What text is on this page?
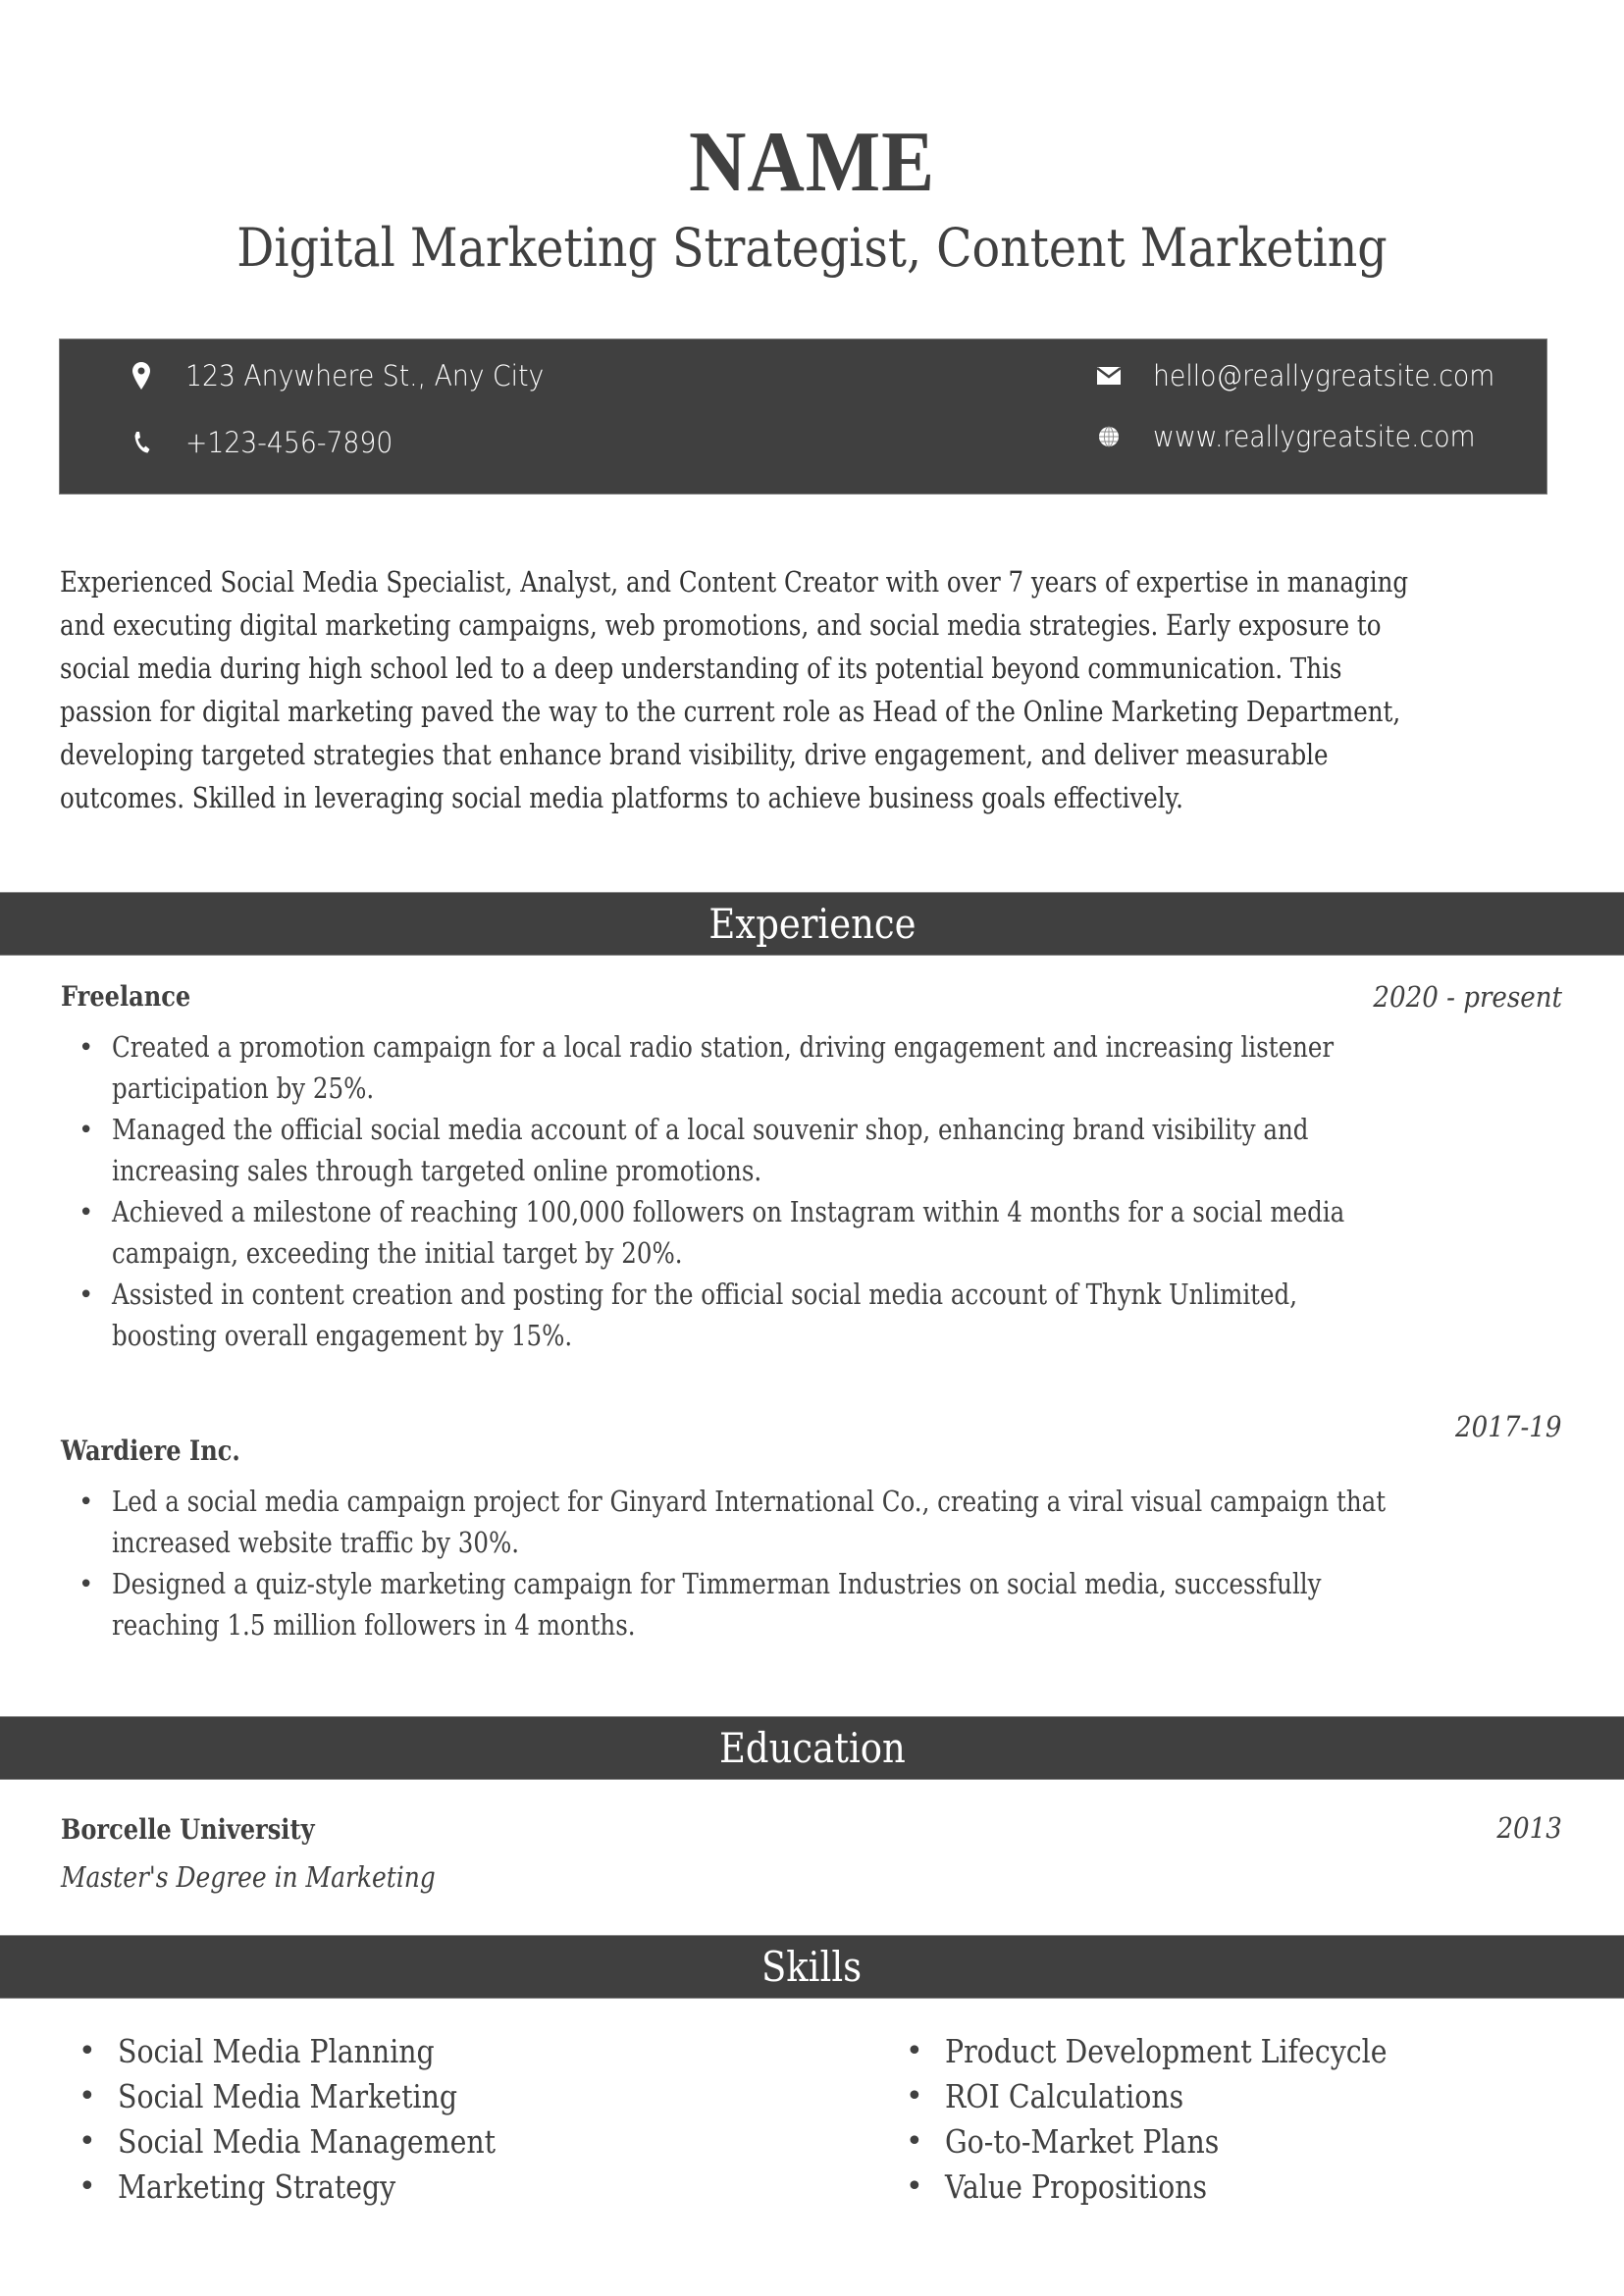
NAME
Digital Marketing Strategist, Content Marketing
123 Anywhere St., Any City
+123-456-7890
hello@reallygreatsite.com
www.reallygreatsite.com
Experienced Social Media Specialist, Analyst, and Content Creator with over 7 years of expertise in managing
and executing digital marketing campaigns, web promotions, and social media strategies. Early exposure to
social media during high school led to a deep understanding of its potential beyond communication. This
passion for digital marketing paved the way to the current role as Head of the Online Marketing Department,
developing targeted strategies that enhance brand visibility, drive engagement, and deliver measurable
outcomes. Skilled in leveraging social media platforms to achieve business goals effectively.
Experience
Freelance	2020 - present
• Created a promotion campaign for a local radio station, driving engagement and increasing listener
participation by 25%.
• Managed the official social media account of a local souvenir shop, enhancing brand visibility and
increasing sales through targeted online promotions.
• Achieved a milestone of reaching 100,000 followers on Instagram within 4 months for a social media
campaign, exceeding the initial target by 20%.
• Assisted in content creation and posting for the official social media account of Thynk Unlimited,
boosting overall engagement by 15%.
2017-19
Wardiere Inc.
• Led a social media campaign project for Ginyard International Co., creating a viral visual campaign that
increased website traffic by 30%.
• Designed a quiz-style marketing campaign for Timmerman Industries on social media, successfully
reaching 1.5 million followers in 4 months.
Education
Borcelle University	2013
Master's Degree in Marketing
Skills
• Social Media Planning
• Social Media Marketing
• Social Media Management
• Marketing Strategy
• Product Development Lifecycle
• ROI Calculations
• Go-to-Market Plans
• Value Propositions
